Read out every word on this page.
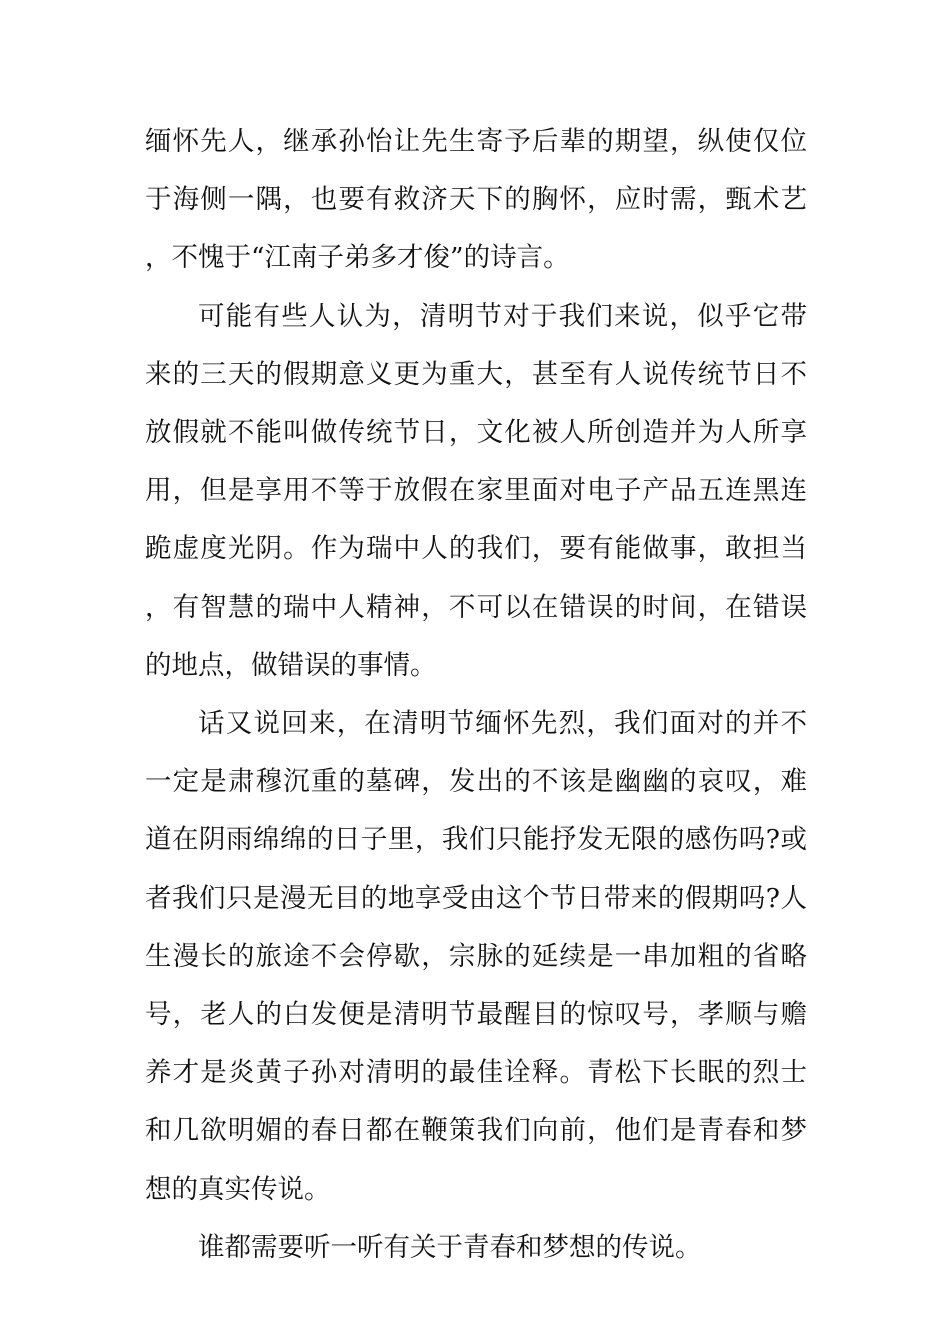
缅怀先人，继承孙怡让先生寄予后辈的期望，纵使仅位于海侧一隅，也要有救济天下的胸怀，应时需，甄术艺，不愧于“江南子弟多才俊”的诗言。

可能有些人认为，清明节对于我们来说，似乎它带来的三天的假期意义更为重大，甚至有人说传统节日不放假就不能叫做传统节日，文化被人所创造并为人所享用，但是享用不等于放假在家里面对电子产品五连黑连跪虚度光阴。作为瑞中人的我们，要有能做事，敢担当，有智慧的瑞中人精神，不可以在错误的时间，在错误的地点，做错误的事情。

话又说回来，在清明节缅怀先烈，我们面对的并不一定是肃穆沉重的墓碑，发出的不该是幽幽的哀叹，难道在阴雨绵绵的日子里，我们只能抒发无限的感伤吗?或者我们只是漫无目的地享受由这个节日带来的假期吗?人生漫长的旅途不会停歇，宗脉的延续是一串加粗的省略号，老人的白发便是清明节最醒目的惊叹号，孝顺与赡养才是炎黄子孙对清明的最佳诠释。青松下长眠的烈士和几欲明媚的春日都在鞭策我们向前，他们是青春和梦想的真实传说。

谁都需要听一听有关于青春和梦想的传说。
